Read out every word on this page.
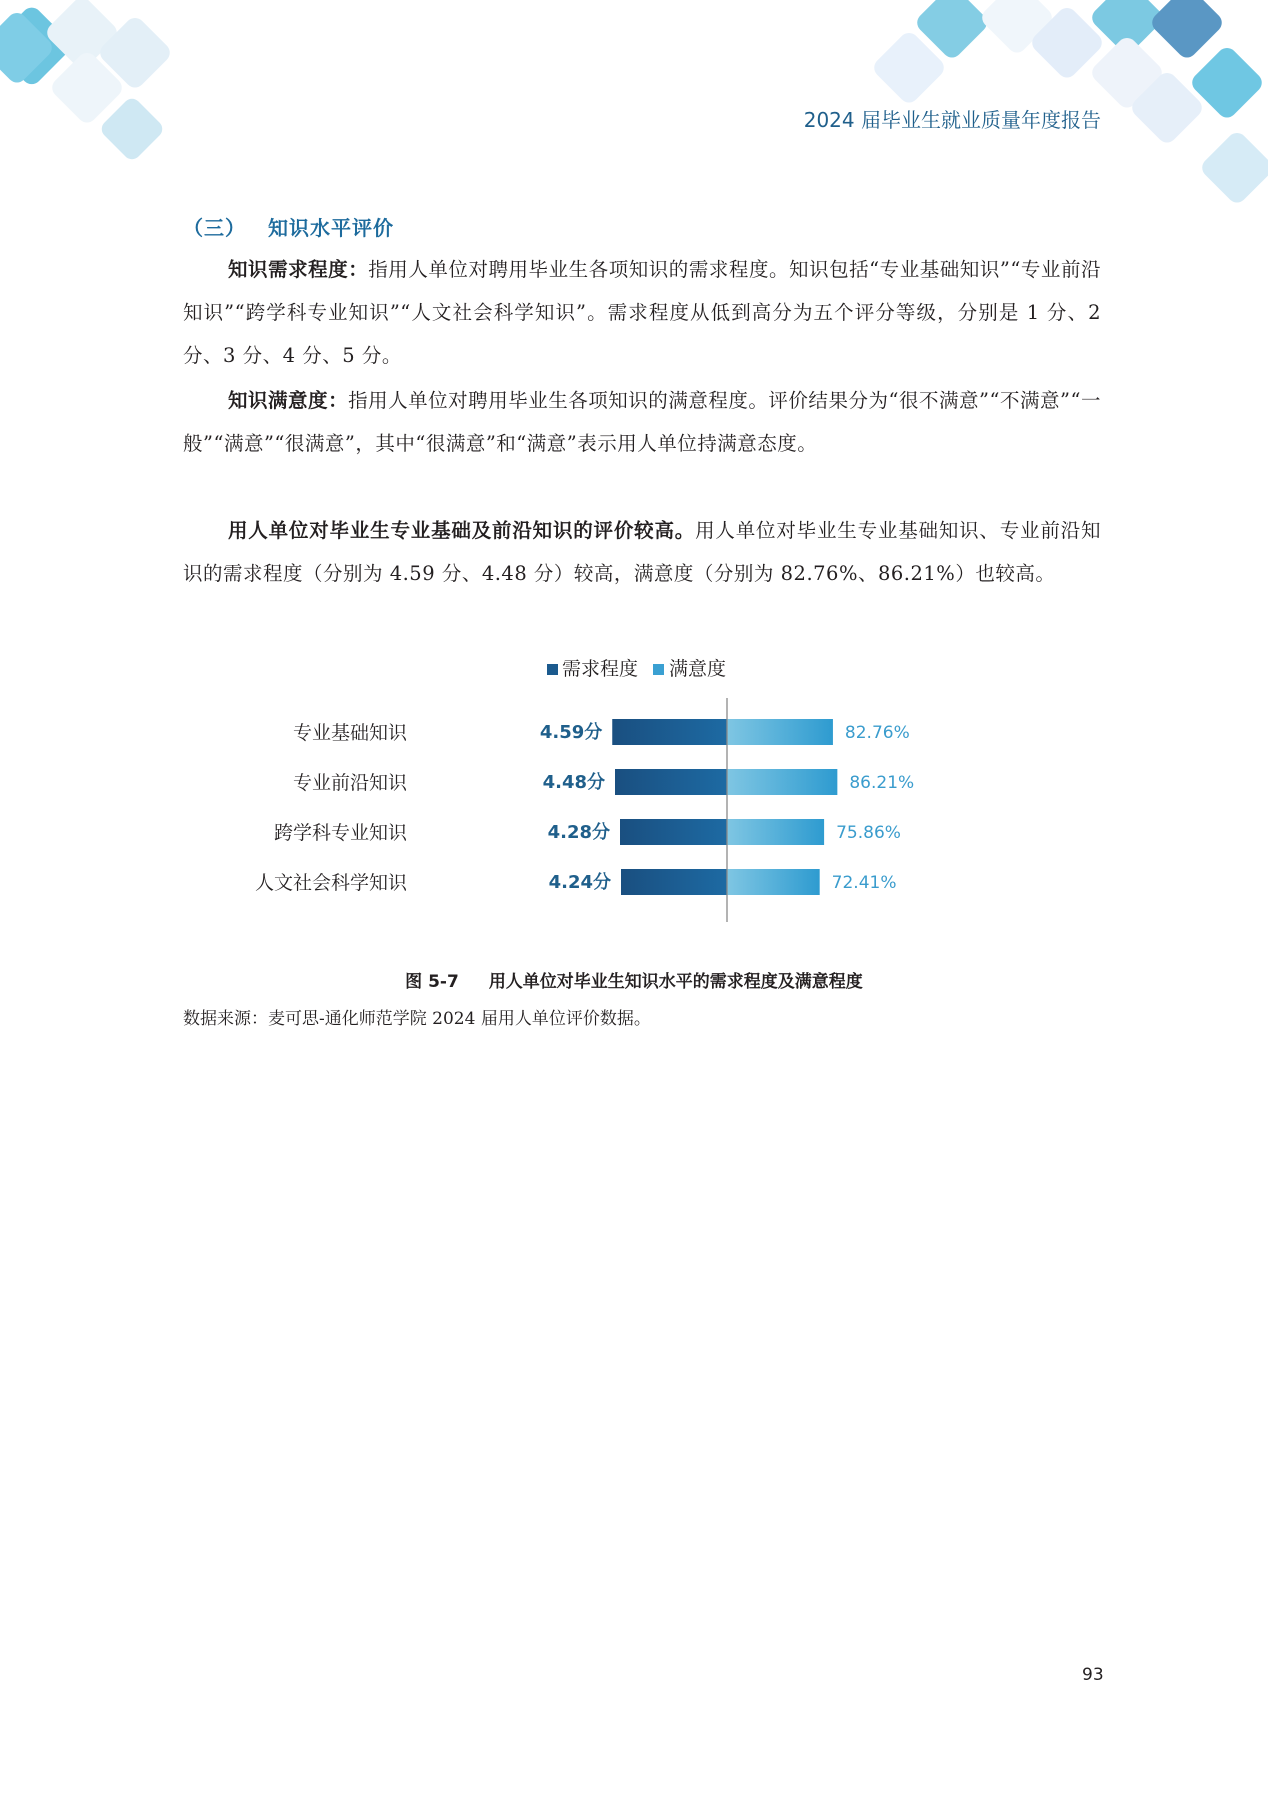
2024 届毕业生就业质量年度报告
（三） 知识水平评价
知识需求程度：指用人单位对聘用毕业生各项知识的需求程度。知识包括“专业基础知识”“专业前沿知识”“跨学科专业知识”“人文社会科学知识”。需求程度从低到高分为五个评分等级，分别是 1 分、2 分、3 分、4 分、5 分。
知识满意度：指用人单位对聘用毕业生各项知识的满意程度。评价结果分为“很不满意”“不满意”“一般”“满意”“很满意”，其中“很满意”和“满意”表示用人单位持满意态度。
用人单位对毕业生专业基础及前沿知识的评价较高。用人单位对毕业生专业基础知识、专业前沿知识的需求程度（分别为 4.59 分、4.48 分）较高，满意度（分别为 82.76%、86.21%）也较高。
需求程度 满意度
专业基础知识	4.59分	82.76%
专业前沿知识	4.48分	86.21%
跨学科专业知识	4.28分	75.86%
人文社会科学知识	4.24分	72.41%
图 5-7 用人单位对毕业生知识水平的需求程度及满意程度
数据来源：麦可思-通化师范学院 2024 届用人单位评价数据。
93
